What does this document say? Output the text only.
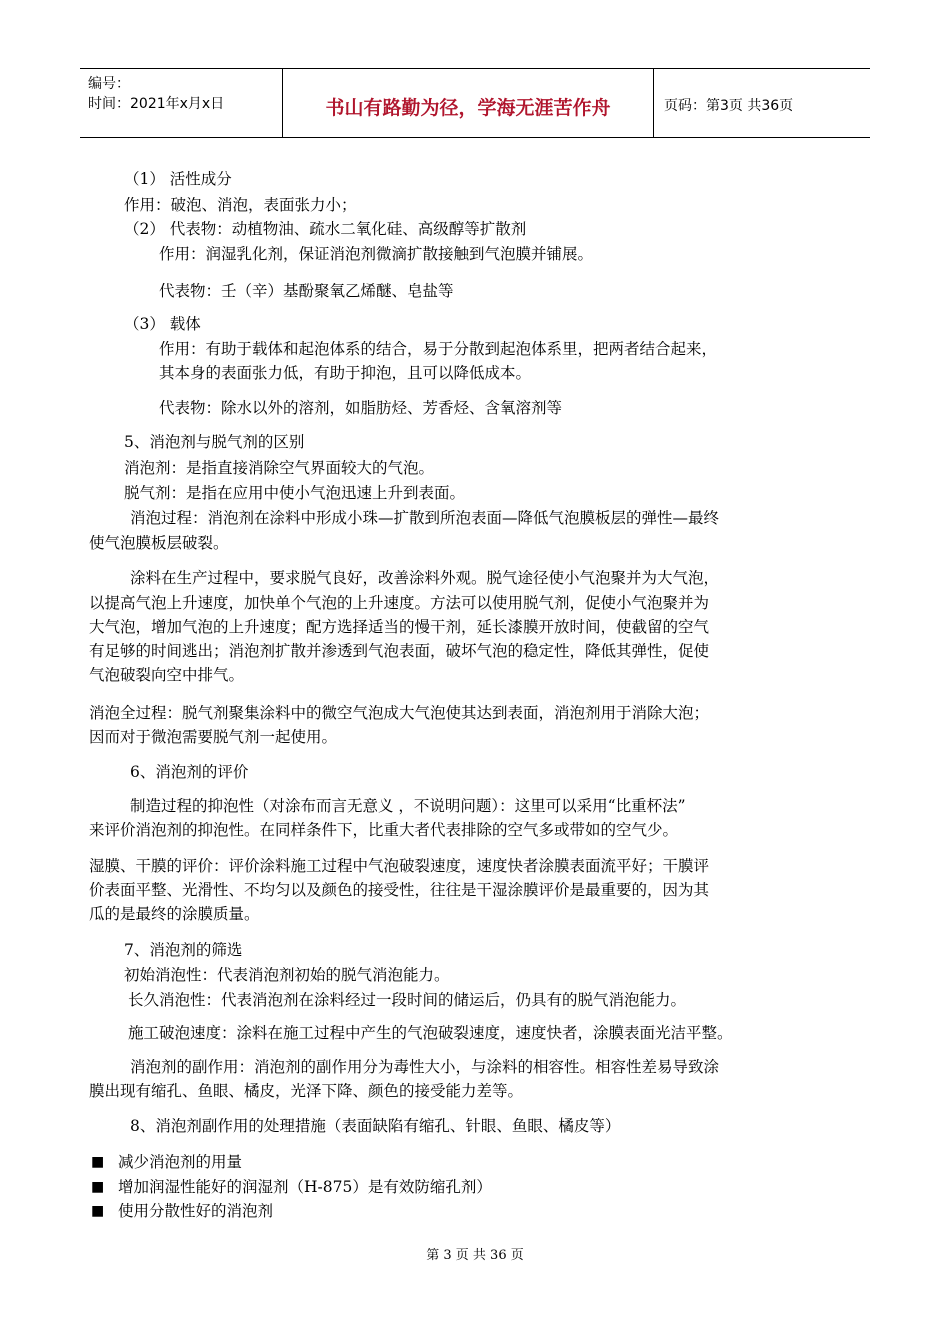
编号：
时间：2021年x月x日	书山有路勤为径，学海无涯苦作舟	页码：第3页 共36页
（1） 活性成分
作用：破泡、消泡，表面张力小；
（2） 代表物：动植物油、疏水二氧化硅、高级醇等扩散剂
作用：润湿乳化剂，保证消泡剂微滴扩散接触到气泡膜并铺展。
代表物：壬（辛）基酚聚氧乙烯醚、皂盐等
（3） 载体
作用：有助于载体和起泡体系的结合，易于分散到起泡体系里，把两者结合起来，
其本身的表面张力低，有助于抑泡，且可以降低成本。
代表物：除水以外的溶剂，如脂肪烃、芳香烃、含氧溶剂等
5、消泡剂与脱气剂的区别
消泡剂：是指直接消除空气界面较大的气泡。
脱气剂：是指在应用中使小气泡迅速上升到表面。
消泡过程：消泡剂在涂料中形成小珠—扩散到所泡表面—降低气泡膜板层的弹性—最终
使气泡膜板层破裂。
涂料在生产过程中，要求脱气良好，改善涂料外观。脱气途径使小气泡聚并为大气泡，
以提高气泡上升速度，加快单个气泡的上升速度。方法可以使用脱气剂，促使小气泡聚并为
大气泡，增加气泡的上升速度；配方选择适当的慢干剂，延长漆膜开放时间，使截留的空气
有足够的时间逃出；消泡剂扩散并渗透到气泡表面，破坏气泡的稳定性，降低其弹性，促使
气泡破裂向空中排气。
消泡全过程：脱气剂聚集涂料中的微空气泡成大气泡使其达到表面，消泡剂用于消除大泡；
因而对于微泡需要脱气剂一起使用。
6、消泡剂的评价
制造过程的抑泡性（对涂布而言无意义 ，不说明问题）：这里可以采用“比重杯法”
来评价消泡剂的抑泡性。在同样条件下，比重大者代表排除的空气多或带如的空气少。
湿膜、干膜的评价：评价涂料施工过程中气泡破裂速度，速度快者涂膜表面流平好；干膜评
价表面平整、光滑性、不均匀以及颜色的接受性，往往是干湿涂膜评价是最重要的，因为其
瓜的是最终的涂膜质量。
7、消泡剂的筛选
初始消泡性：代表消泡剂初始的脱气消泡能力。
长久消泡性：代表消泡剂在涂料经过一段时间的储运后，仍具有的脱气消泡能力。
施工破泡速度：涂料在施工过程中产生的气泡破裂速度，速度快者，涂膜表面光洁平整。
消泡剂的副作用：消泡剂的副作用分为毒性大小，与涂料的相容性。相容性差易导致涂
膜出现有缩孔、鱼眼、橘皮，光泽下降、颜色的接受能力差等。
8、消泡剂副作用的处理措施（表面缺陷有缩孔、针眼、鱼眼、橘皮等）
■ 减少消泡剂的用量
■ 增加润湿性能好的润湿剂（H-875）是有效防缩孔剂）
■ 使用分散性好的消泡剂
第 3 页 共 36 页
